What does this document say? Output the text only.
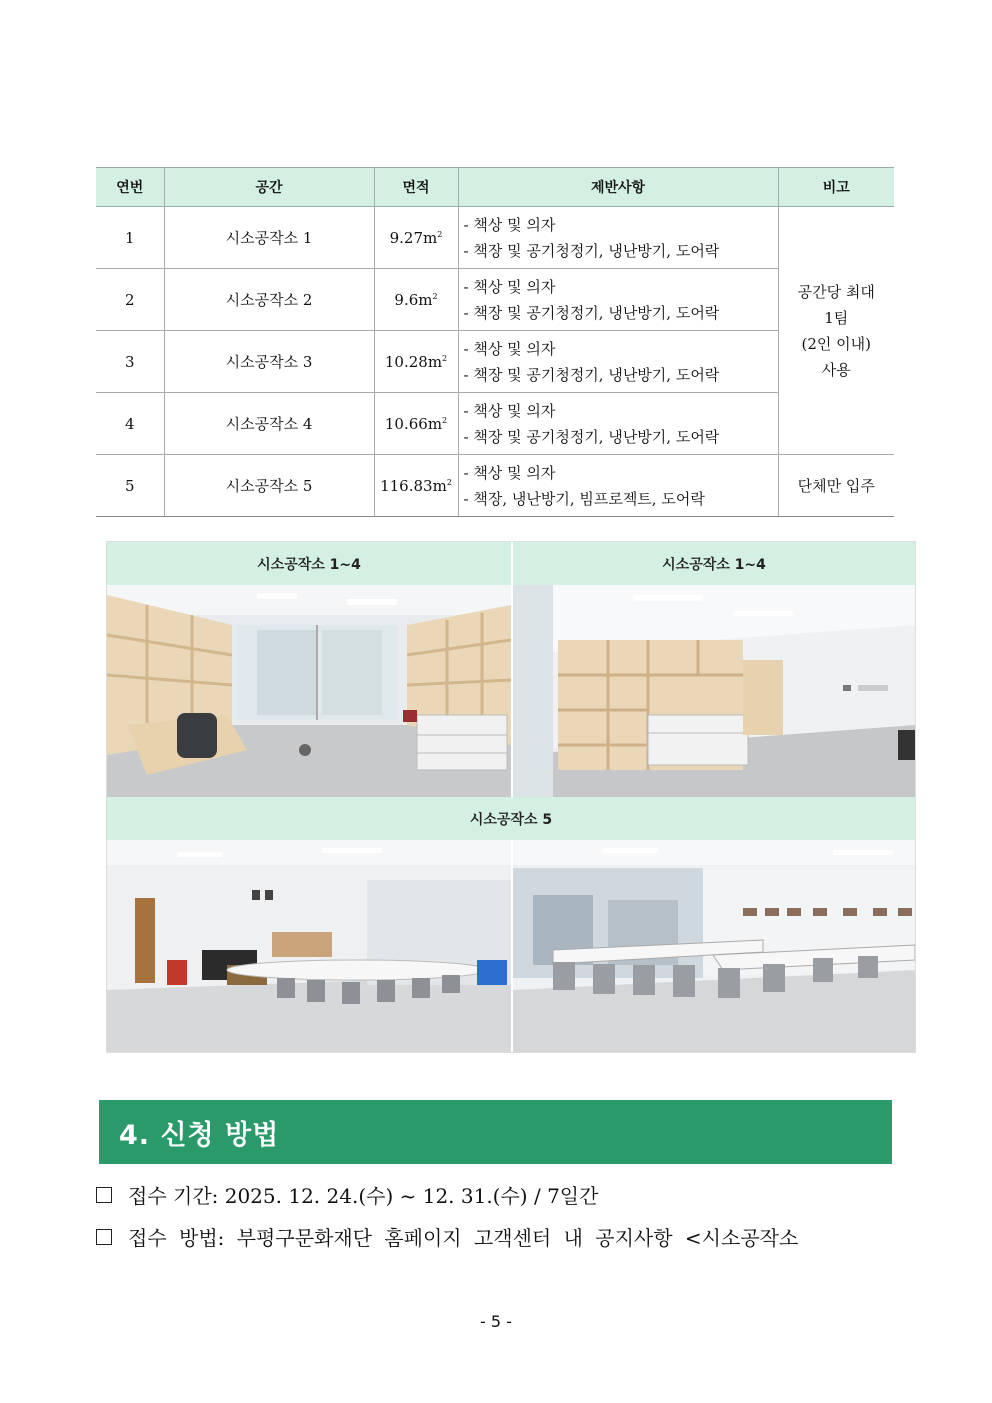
연번	공간	면적	제반사항	비고
1	시소공작소 1	$9.27m^2$	- 책상 및 의자
- 책장 및 공기청정기, 냉난방기, 도어락	공간당 최대
1팀
(2인 이내)
사용

2	시소공작소 2	$9.6m^2$	- 책상 및 의자
- 책장 및 공기청정기, 냉난방기, 도어락	

3	시소공작소 3	$10.28m^2$	- 책상 및 의자
- 책장 및 공기청정기, 냉난방기, 도어락	

4	시소공작소 4	$10.66m^2$	- 책상 및 의자
- 책장 및 공기청정기, 냉난방기, 도어락	

5	시소공작소 5	$116.83m^2$	- 책상 및 의자
- 책장, 냉난방기, 빔프로젝트, 도어락	단체만 입주
시소공작소 1~4	시소공작소 1~4
시소공작소 5
4. 신청 방법
접수 기간: 2025. 12. 24.(수) ~ 12. 31.(수) / 7일간
접수 방법: 부평구문화재단 홈페이지 고객센터 내 공지사항 <시소공작소
- 5 -
